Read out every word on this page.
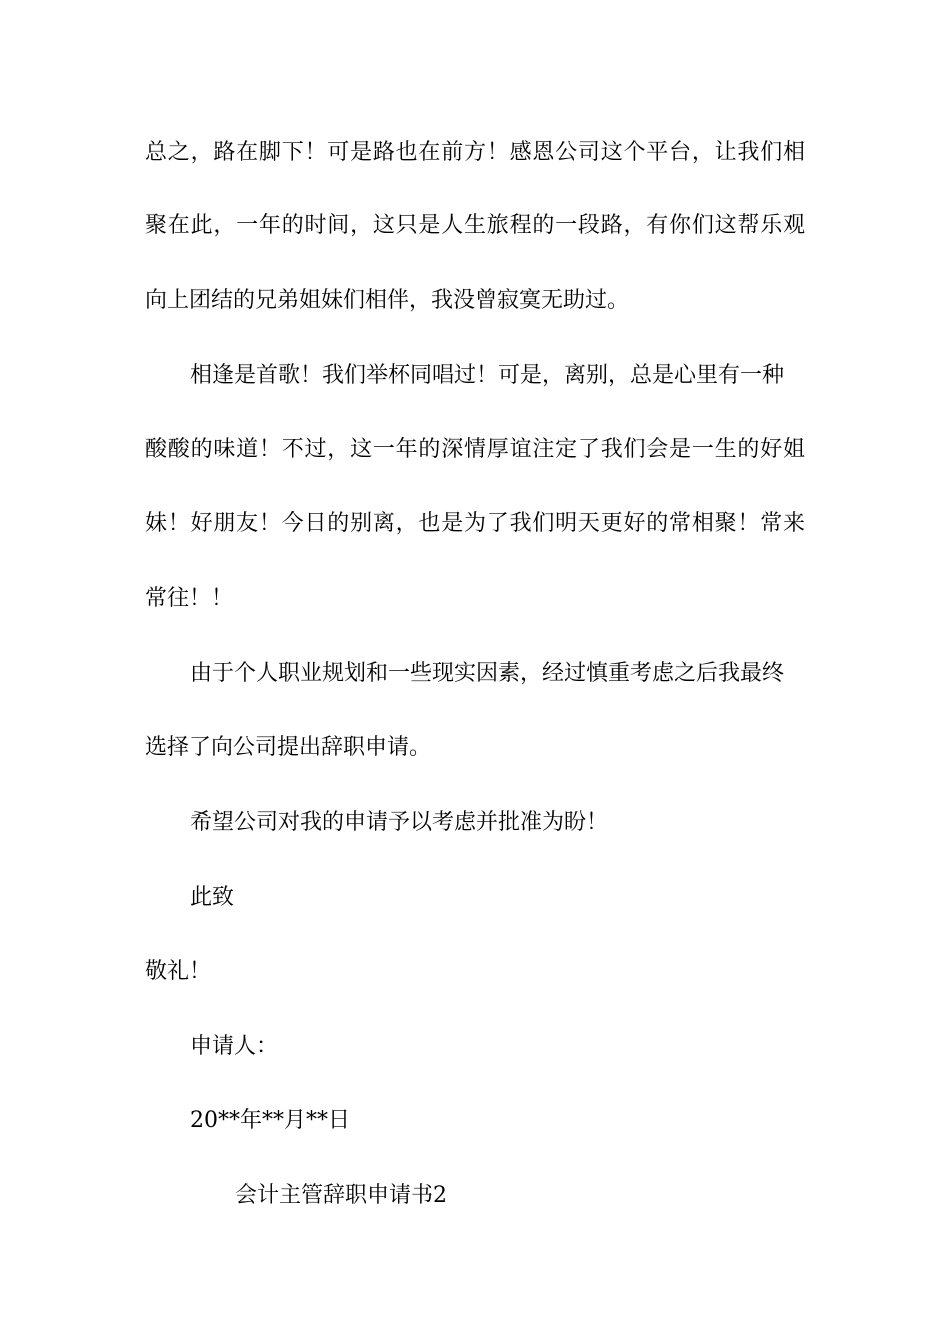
总之，路在脚下！可是路也在前方！感恩公司这个平台，让我们相
聚在此，一年的时间，这只是人生旅程的一段路，有你们这帮乐观
向上团结的兄弟姐妹们相伴，我没曾寂寞无助过。
相逢是首歌！我们举杯同唱过！可是，离别，总是心里有一种
酸酸的味道！不过，这一年的深情厚谊注定了我们会是一生的好姐
妹！好朋友！今日的别离，也是为了我们明天更好的常相聚！常来
常往！！
由于个人职业规划和一些现实因素，经过慎重考虑之后我最终
选择了向公司提出辞职申请。
希望公司对我的申请予以考虑并批准为盼！
此致
敬礼！
申请人：
20**年**月**日
会计主管辞职申请书2
